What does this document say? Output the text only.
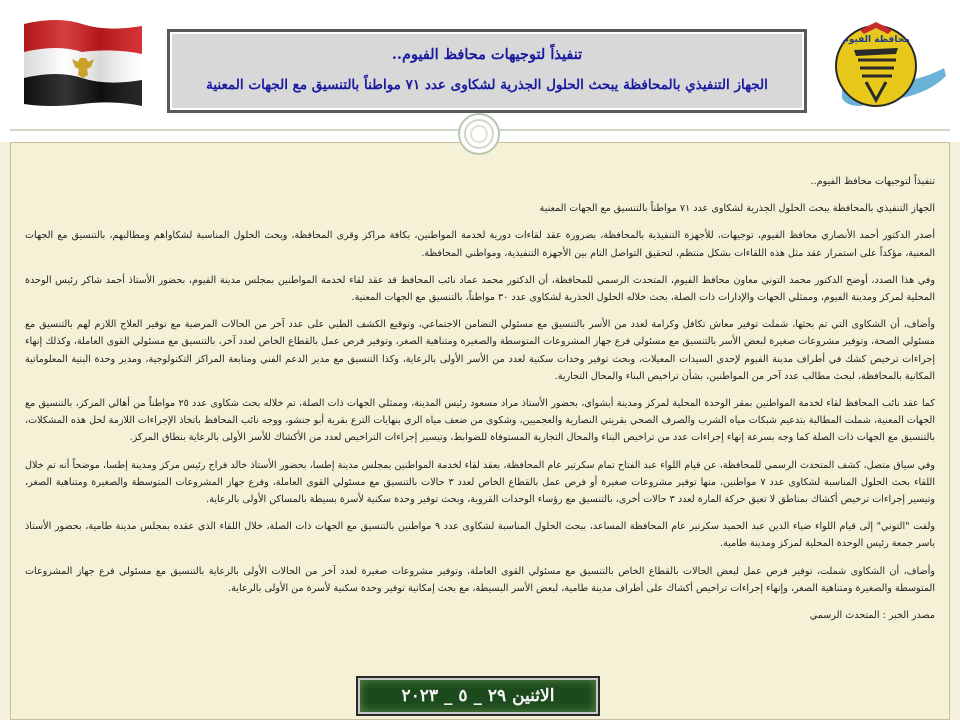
محافظة الفيوم
تنفيذاً لتوجيهات محافظ الفيوم..
الجهاز التنفيذي بالمحافظة يبحث الحلول الجذرية لشكاوى عدد ٧١ مواطناً بالتنسيق مع الجهات المعنية

تنفيذاً لتوجيهات محافظ الفيوم..

الجهاز التنفيذي بالمحافظة يبحث الحلول الجذرية لشكاوى عدد ٧١ مواطناً بالتنسيق مع الجهات المعنية

أصدر الدكتور أحمد الأنصاري محافظ الفيوم، توجيهات، للأجهزة التنفيذية بالمحافظة، بضرورة عقد لقاءات دورية لخدمة المواطنين، بكافة مراكز وقرى المحافظة، وبحث الحلول المناسبة لشكاواهم ومطالبهم، بالتنسيق مع الجهات المعنية، مؤكداً على استمرار عقد مثل هذه اللقاءات بشكل منتظم، لتحقيق التواصل التام بين الأجهزة التنفيذية، ومواطني المحافظة.

وفي هذا الصدد، أوضح الدكتور محمد التوني معاون محافظ الفيوم، المتحدث الرسمي للمحافظة، أن الدكتور محمد عماد نائب المحافظ قد عقد لقاء لخدمة المواطنين بمجلس مدينة الفيوم، بحضور الأستاذ أحمد شاكر رئيس الوحدة المحلية لمركز ومدينة الفيوم، وممثلي الجهات والإدارات ذات الصلة، بحث خلاله الحلول الجذرية لشكاوى عدد ٣٠ مواطناً، بالتنسيق مع الجهات المعنية.

وأضاف، أن الشكاوى التي تم بحثها، شملت توفير معاش تكافل وكرامة لعدد من الأسر بالتنسيق مع مسئولي التضامن الاجتماعي، وتوقيع الكشف الطبي على عدد آخر من الحالات المرضية مع توفير العلاج اللازم لهم بالتنسيق مع مسئولي الصحة، وتوفير مشروعات صغيرة لبعض الأسر بالتنسيق مع مسئولي فرع جهاز المشروعات المتوسطة والصغيرة ومتناهية الصغر، وتوفير فرص عمل بالقطاع الخاص لعدد آخر، بالتنسيق مع مسئولي القوى العاملة، وكذلك إنهاء إجراءات ترخيص كشك في أطراف مدينة الفيوم لإحدى السيدات المعيلات، وبحث توفير وحدات سكنية لعدد من الأسر الأولى بالرعاية، وكذا التنسيق مع مدير الدعم الفني ومتابعة المراكز التكنولوجية، ومدير وحدة البنية المعلوماتية المكانية بالمحافظة، لبحث مطالب عدد آخر من المواطنين، بشأن تراخيص البناء والمحال التجارية.

كما عقد نائب المحافظ لقاء لخدمة المواطنين بمقر الوحدة المحلية لمركز ومدينة أبشواي، بحضور الأستاذ مراد مسعود رئيس المدينة، وممثلي الجهات ذات الصلة، تم خلاله بحث شكاوى عدد ٢٥ مواطناً من أهالي المركز، بالتنسيق مع الجهات المعنية، شملت المطالبة بتدعيم شبكات مياه الشرب والصرف الصحي بقريتي النصارية والعجميين، وشكوى من ضعف مياه الري بنهايات الترع بقرية أبو جنشو، ووجه نائب المحافظ باتخاذ الإجراءات اللازمة لحل هذه المشكلات، بالتنسيق مع الجهات ذات الصلة كما وجه بسرعة إنهاء إجراءات عدد من تراخيص البناء والمحال التجارية المستوفاة للضوابط، وتيسير إجراءات التراخيص لعدد من الأكشاك للأسر الأولى بالرعاية بنطاق المركز.

وفي سياق متصل، كشف المتحدث الرسمي للمحافظة، عن قيام اللواء عبد الفتاح تمام سكرتير عام المحافظة، بعقد لقاء لخدمة المواطنين بمجلس مدينة إطسا، بحضور الأستاذ خالد فراج رئيس مركز ومدينة إطسا، موضحاً أنه تم خلال اللقاء بحث الحلول المناسبة لشكاوى عدد ٧ مواطنين، منها توفير مشروعات صغيرة أو فرص عمل بالقطاع الخاص لعدد ٣ حالات بالتنسيق مع مسئولي القوى العاملة، وفرع جهاز المشروعات المتوسطة والصغيرة ومتناهية الصغر، وتيسير إجراءات ترخيص أكشاك بمناطق لا تعيق حركة المارة لعدد ٣ حالات أخرى، بالتنسيق مع رؤساء الوحدات القروية، وبحث توفير وحدة سكنية لأسرة بسيطة بالمساكن الأولى بالرعاية.

ولفت "التوني" إلى قيام اللواء ضياء الدين عبد الحميد سكرتير عام المحافظة المساعد، ببحث الحلول المناسبة لشكاوى عدد ٩ مواطنين بالتنسيق مع الجهات ذات الصلة، خلال اللقاء الذي عقده بمجلس مدينة طامية، بحضور الأستاذ ياسر جمعة رئيس الوحدة المحلية لمركز ومدينة طامية.

وأضاف، أن الشكاوى شملت، توفير فرص عمل لبعض الحالات بالقطاع الخاص بالتنسيق مع مسئولي القوى العاملة، وتوفير مشروعات صغيرة لعدد آخر من الحالات الأولى بالرعاية بالتنسيق مع مسئولي فرع جهاز المشروعات المتوسطة والصغيرة ومتناهية الصغر، وإنهاء إجراءات تراخيص أكشاك على أطراف مدينة طامية، لبعض الأسر البسيطة، مع بحث إمكانية توفير وحدة سكنية لأسرة من الأولى بالرعاية.

مصدر الخبر : المتحدث الرسمي

الاثنين ٢٩ _ ٥ _ ٢٠٢٣
